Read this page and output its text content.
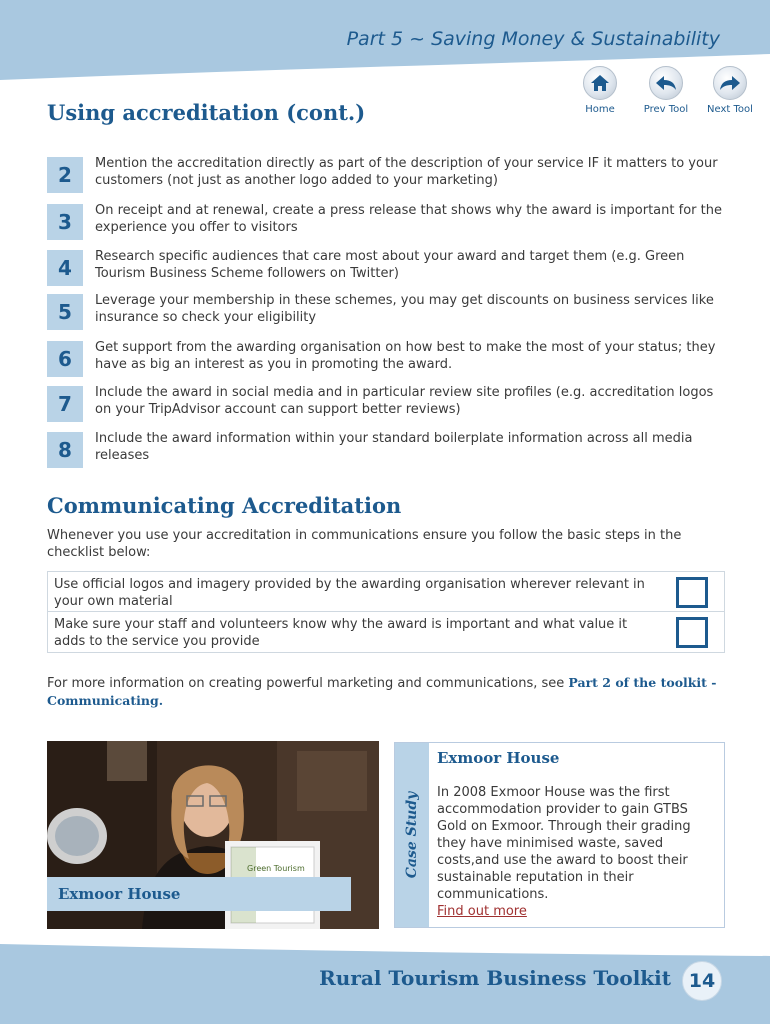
Part 5 ~ Saving Money & Sustainability
Home	Prev Tool	Next Tool
Using accreditation (cont.)
2	Mention the accreditation directly as part of the description of your service IF it matters to your customers (not just as another logo added to your marketing)
3	On receipt and at renewal, create a press release that shows why the award is important for the experience you offer to visitors
4	Research specific audiences that care most about your award and target them (e.g. Green Tourism Business Scheme followers on Twitter)
5	Leverage your membership in these schemes, you may get discounts on business services like insurance so check your eligibility
6	Get support from the awarding organisation on how best to make the most of your status; they have as big an interest as you in promoting the award.
7	Include the award in social media and in particular review site profiles (e.g. accreditation logos on your TripAdvisor account can support better reviews)
8	Include the award information within your standard boilerplate information across all media releases
Communicating Accreditation
Whenever you use your accreditation in communications ensure you follow the basic steps in the checklist below:
Use official logos and imagery provided by the awarding organisation wherever relevant in your own material
Make sure your staff and volunteers know why the award is important and what value it adds to the service you provide
For more information on creating powerful marketing and communications, see Part 2 of the toolkit - Communicating.
Green Tourism
Exmoor House
Case Study
Exmoor House
In 2008 Exmoor House was the first accommodation provider to gain GTBS Gold on Exmoor. Through their grading they have minimised waste, saved costs,and use the award to boost their sustainable reputation in their communications.
Find out more
Rural Tourism Business Toolkit 14
